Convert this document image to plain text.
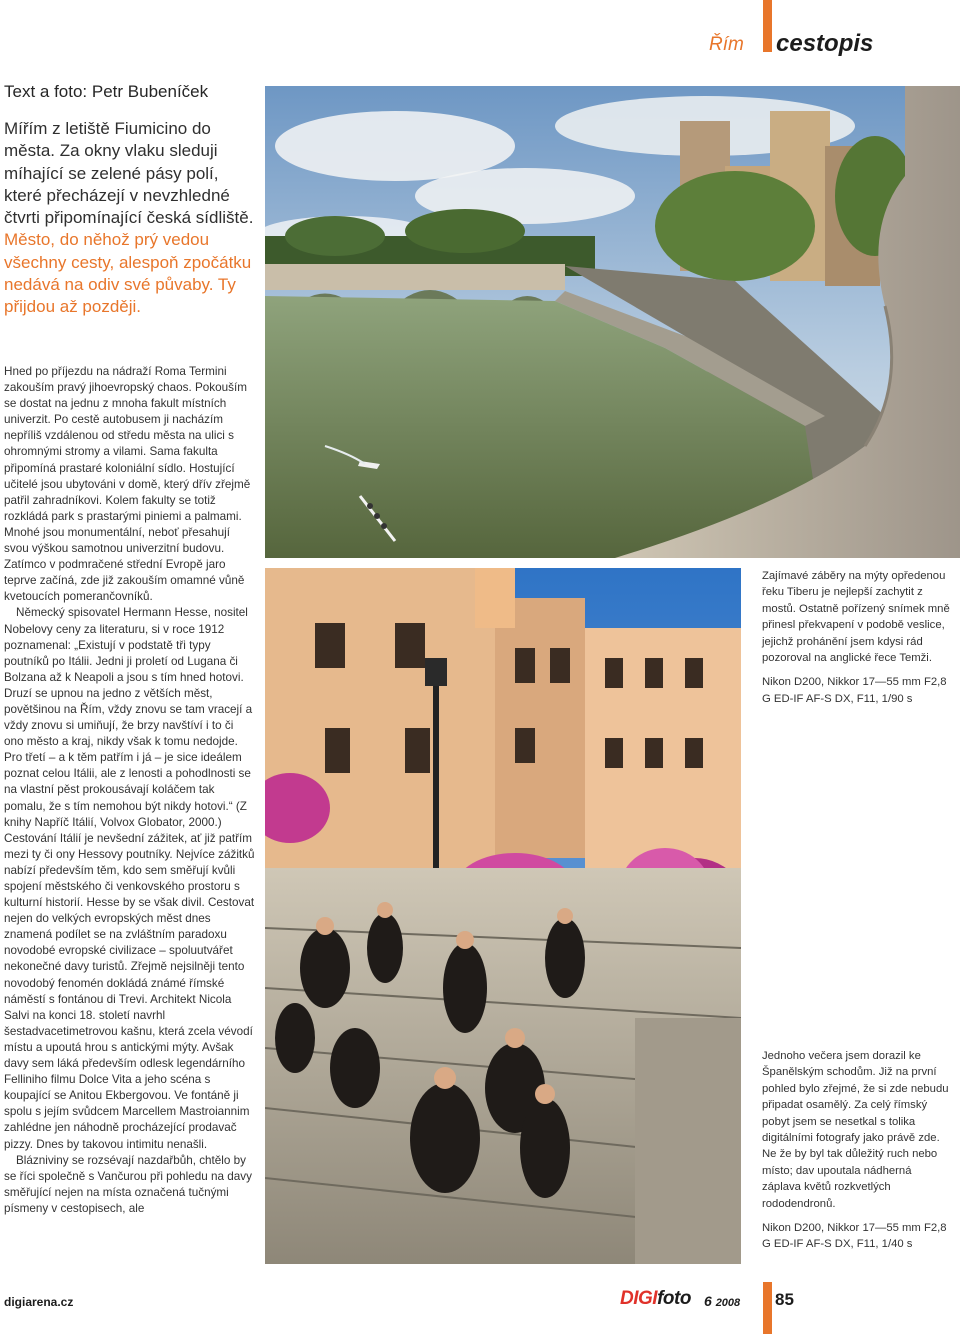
Řím cestopis
Text a foto: Petr Bubeníček

Mířím z letiště Fiumicino do města. Za okny vlaku sleduji míhající se zelené pásy polí, které přecházejí v nevzhledné čtvrti připomínající česká sídliště. Město, do něhož prý vedou všechny cesty, alespoň zpočátku nedává na odiv své půvaby. Ty přijdou až později.

Hned po příjezdu na nádraží Roma Termini zakouším pravý jihoevropský chaos. Pokouším se dostat na jednu z mnoha fakult místních univerzit. Po cestě autobusem ji nacházím nepříliš vzdálenou od středu města na ulici s ohromnými stromy a vilami. Sama fakulta připomíná prastaré koloniální sídlo. Hostující učitelé jsou ubytováni v domě, který dřív zřejmě patřil zahradníkovi. Kolem fakulty se totiž rozkládá park s prastarými piniemi a palmami. Mnohé jsou monumentální, neboť přesahují svou výškou samotnou univerzitní budovu. Zatímco v podmračené střední Evropě jaro teprve začíná, zde již zakouším omamné vůně kvetoucích pomerančovníků.

Německý spisovatel Hermann Hesse, nositel Nobelovy ceny za literaturu, si v roce 1912 poznamenal: „Existují v podstatě tři typy poutníků po Itálii. Jedni ji proletí od Lugana či Bolzana až k Neapoli a jsou s tím hned hotovi. Druzí se upnou na jedno z větších měst, povětšinou na Řím, vždy znovu se tam vracejí a vždy znovu si umiňují, že brzy navštíví i to či ono město a kraj, nikdy však k tomu nedojde. Pro třetí – a k těm patřím i já – je sice ideálem poznat celou Itálii, ale z lenosti a pohodlnosti se na vlastní pěst prokousávají koláčem tak pomalu, že s tím nemohou být nikdy hotovi.“ (Z knihy Napříč Itálií, Volvox Globator, 2000.) Cestování Itálií je nevšední zážitek, ať již patřím mezi ty či ony Hessovy poutníky. Nejvíce zážitků nabízí především těm, kdo sem směřují kvůli spojení městského či venkovského prostoru s kulturní historií. Hesse by se však divil. Cestovat nejen do velkých evropských měst dnes znamená podílet se na zvláštním paradoxu novodobé evropské civilizace – spoluutvářet nekonečné davy turistů. Zřejmě nejsilněji tento novodobý fenomén dokládá známé římské náměstí s fontánou di Trevi. Architekt Nicola Salvi na konci 18. století navrhl šestadvacetimetrovou kašnu, která zcela vévodí místu a upoutá hrou s antickými mýty. Avšak davy sem láká především odlesk legendárního Felliniho filmu Dolce Vita a jeho scéna s koupající se Anitou Ekbergovou. Ve fontáně ji spolu s jejím svůdcem Marcellem Mastroiannim zahlédne jen náhodně procházející prodavač pizzy. Dnes by takovou intimitu nenašli.

Blázniviny se rozsévají nazdařbůh, chtělo by se říci společně s Vančurou při pohledu na davy směřující nejen na místa označená tučnými písmeny v cestopisech, ale

Zajímavé záběry na mýty opředenou řeku Tiberu je nejlepší zachytit z mostů. Ostatně pořízený snímek mně přinesl překvapení v podobě veslice, jejichž prohánění jsem kdysi rád pozoroval na anglické řece Temži.

Nikon D200, Nikkor 17—55 mm F2,8 G ED-IF AF-S DX, F11, 1/90 s

Jednoho večera jsem dorazil ke Španělským schodům. Již na první pohled bylo zřejmé, že si zde nebudu připadat osamělý. Za celý římský pobyt jsem se nesetkal s tolika digitálními fotografy jako právě zde. Ne že by byl tak důležitý ruch nebo místo; dav upoutala nádherná záplava květů rozkvetlých rododendronů.

Nikon D200, Nikkor 17—55 mm F2,8 G ED-IF AF-S DX, F11, 1/40 s

digiarena.cz	DIGIfoto 6 2008 85
